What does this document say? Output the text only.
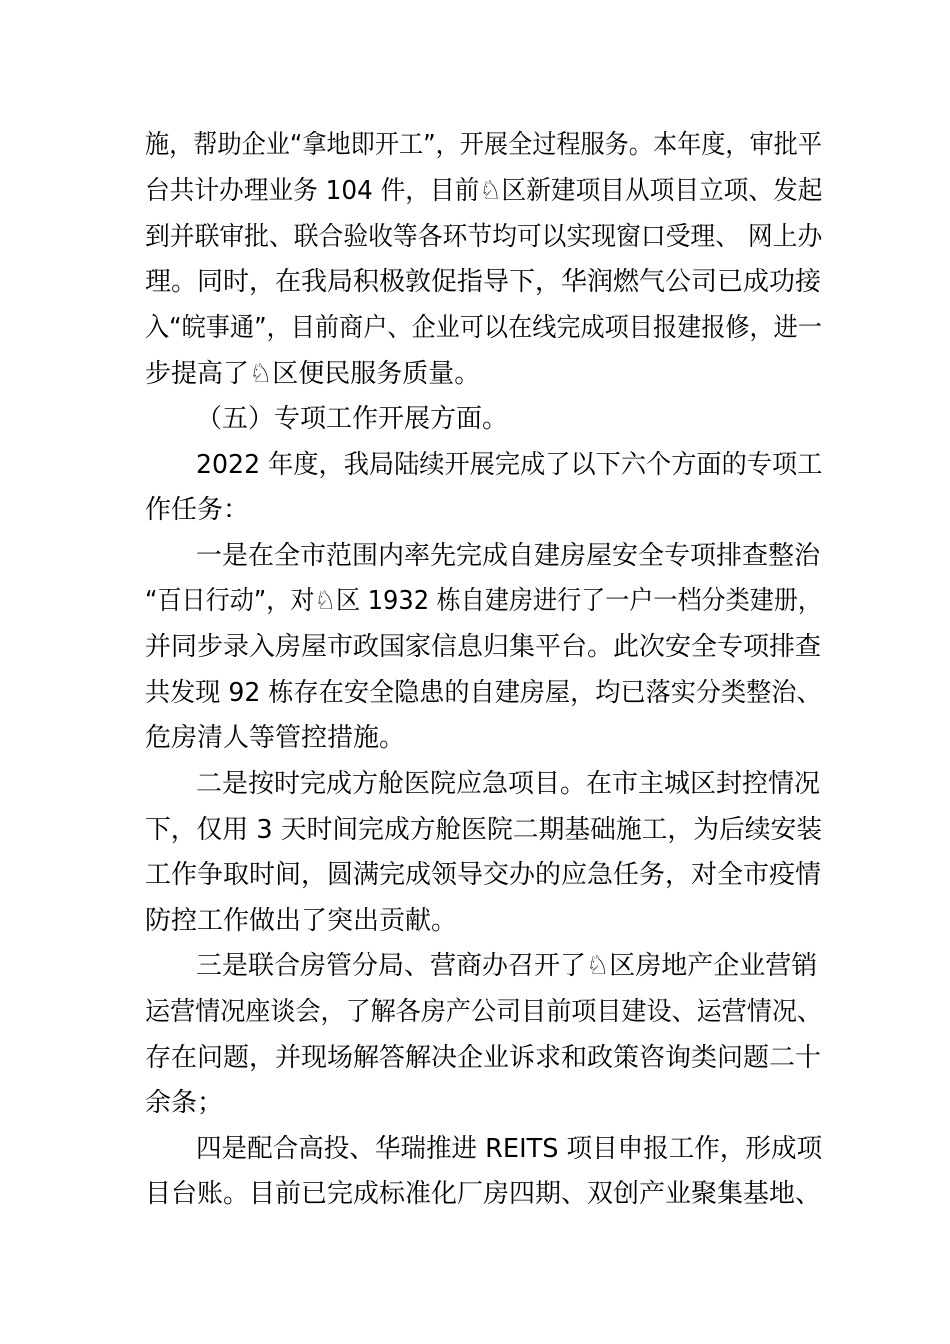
施，帮助企业“拿地即开工”，开展全过程服务。本年度，审批平
台共计办理业务 104 件，目前♘区新建项目从项目立项、发起
到并联审批、联合验收等各环节均可以实现窗口受理、 网上办
理。同时，在我局积极敦促指导下，华润燃气公司已成功接
入“皖事通”，目前商户、企业可以在线完成项目报建报修，进一
步提高了♘区便民服务质量。
（五）专项工作开展方面。
2022 年度，我局陆续开展完成了以下六个方面的专项工
作任务：
一是在全市范围内率先完成自建房屋安全专项排查整治
“百日行动”，对♘区 1932 栋自建房进行了一户一档分类建册，
并同步录入房屋市政国家信息归集平台。此次安全专项排查
共发现 92 栋存在安全隐患的自建房屋，均已落实分类整治、
危房清人等管控措施。
二是按时完成方舱医院应急项目。在市主城区封控情况
下，仅用 3 天时间完成方舱医院二期基础施工，为后续安装
工作争取时间，圆满完成领导交办的应急任务，对全市疫情
防控工作做出了突出贡献。
三是联合房管分局、营商办召开了♘区房地产企业营销
运营情况座谈会，了解各房产公司目前项目建设、运营情况、
存在问题，并现场解答解决企业诉求和政策咨询类问题二十
余条；
四是配合高投、华瑞推进 REITS 项目申报工作，形成项
目台账。目前已完成标准化厂房四期、双创产业聚集基地、
